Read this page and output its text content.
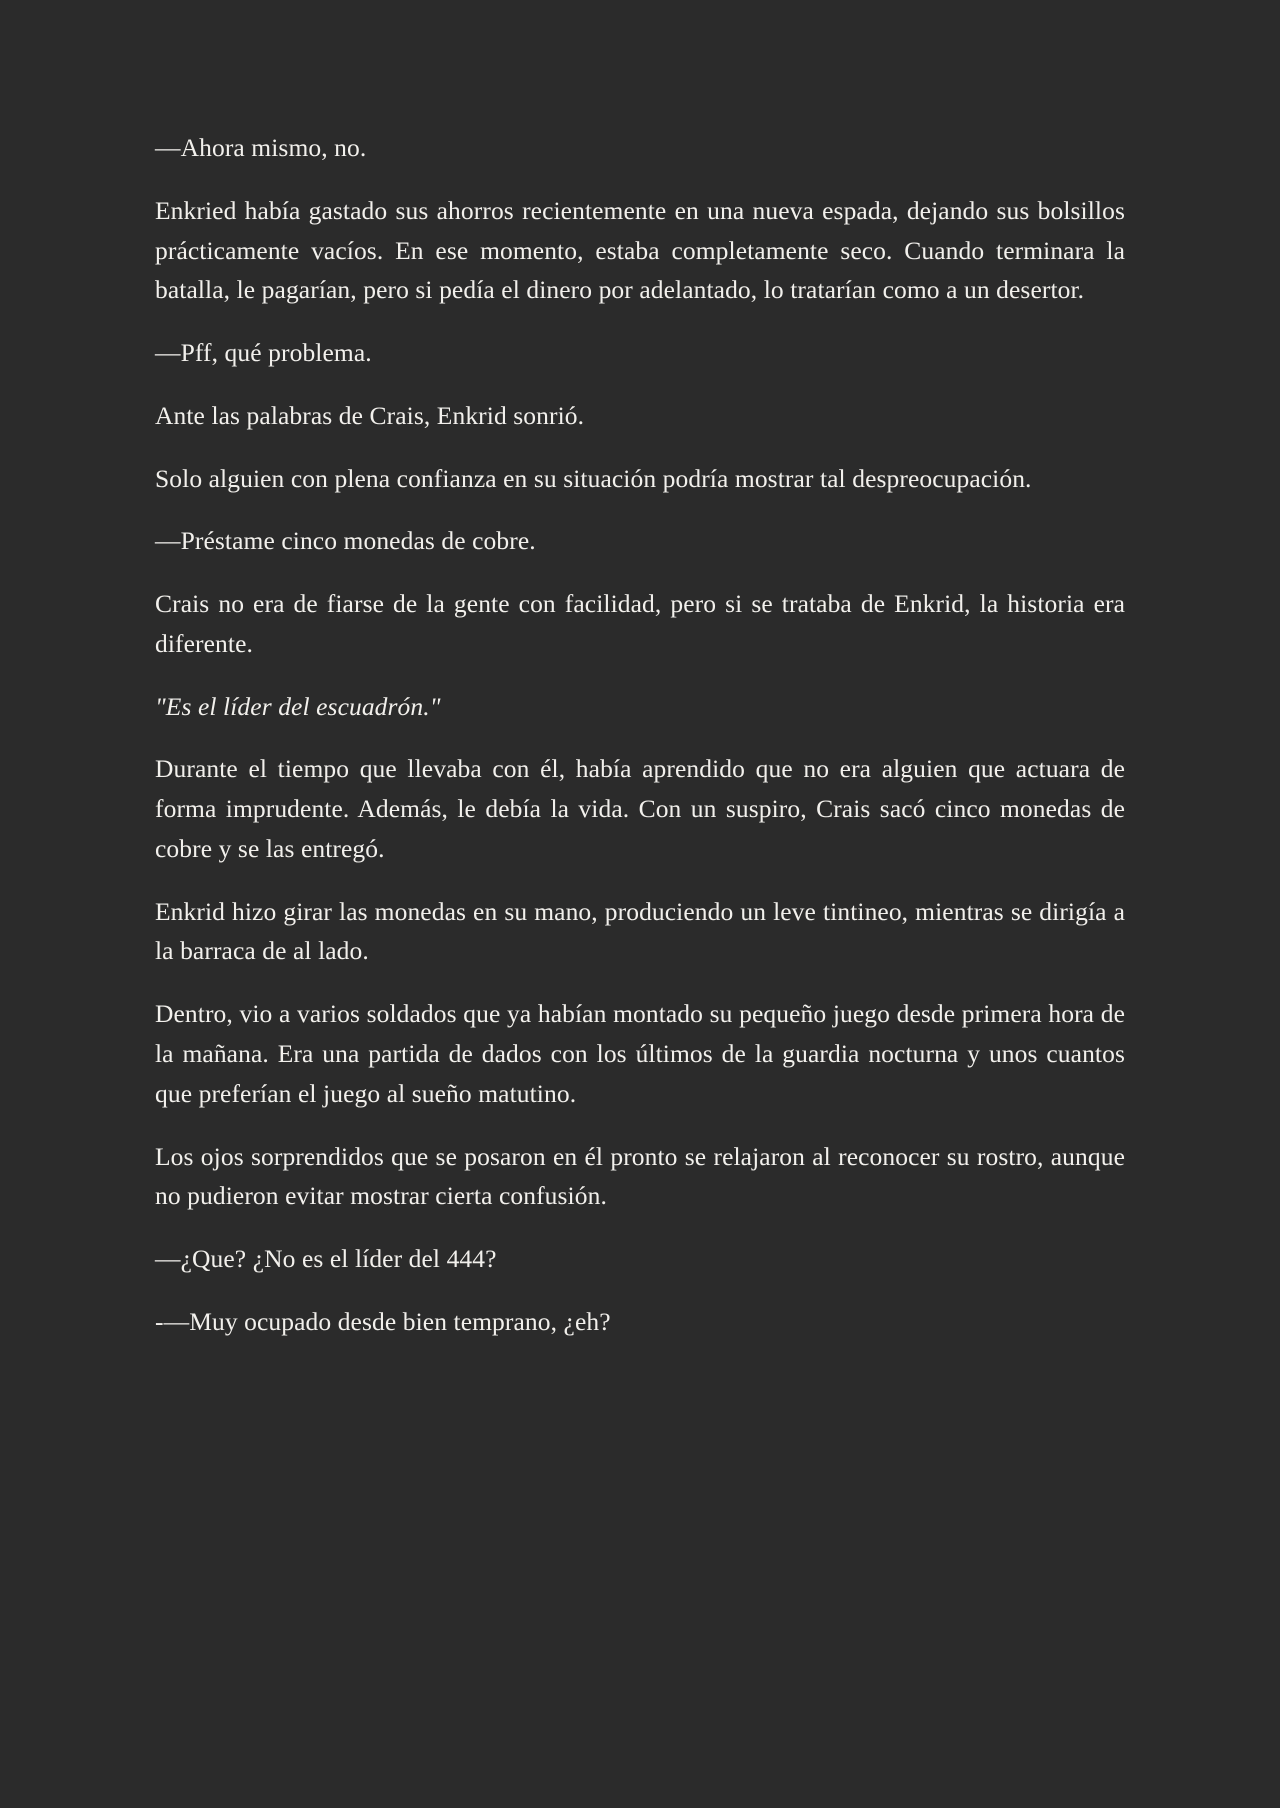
—Ahora mismo, no.

Enkried había gastado sus ahorros recientemente en una nueva espada, dejando sus bolsillos prácticamente vacíos. En ese momento, estaba completamente seco. Cuando terminara la batalla, le pagarían, pero si pedía el dinero por adelantado, lo tratarían como a un desertor.

—Pff, qué problema.

Ante las palabras de Crais, Enkrid sonrió.

Solo alguien con plena confianza en su situación podría mostrar tal despreocupación.

—Préstame cinco monedas de cobre.

Crais no era de fiarse de la gente con facilidad, pero si se trataba de Enkrid, la historia era diferente.

"Es el líder del escuadrón."

Durante el tiempo que llevaba con él, había aprendido que no era alguien que actuara de forma imprudente. Además, le debía la vida. Con un suspiro, Crais sacó cinco monedas de cobre y se las entregó.

Enkrid hizo girar las monedas en su mano, produciendo un leve tintineo, mientras se dirigía a la barraca de al lado.

Dentro, vio a varios soldados que ya habían montado su pequeño juego desde primera hora de la mañana. Era una partida de dados con los últimos de la guardia nocturna y unos cuantos que preferían el juego al sueño matutino.

Los ojos sorprendidos que se posaron en él pronto se relajaron al reconocer su rostro, aunque no pudieron evitar mostrar cierta confusión.

—¿Que? ¿No es el líder del 444?

-—Muy ocupado desde bien temprano, ¿eh?
